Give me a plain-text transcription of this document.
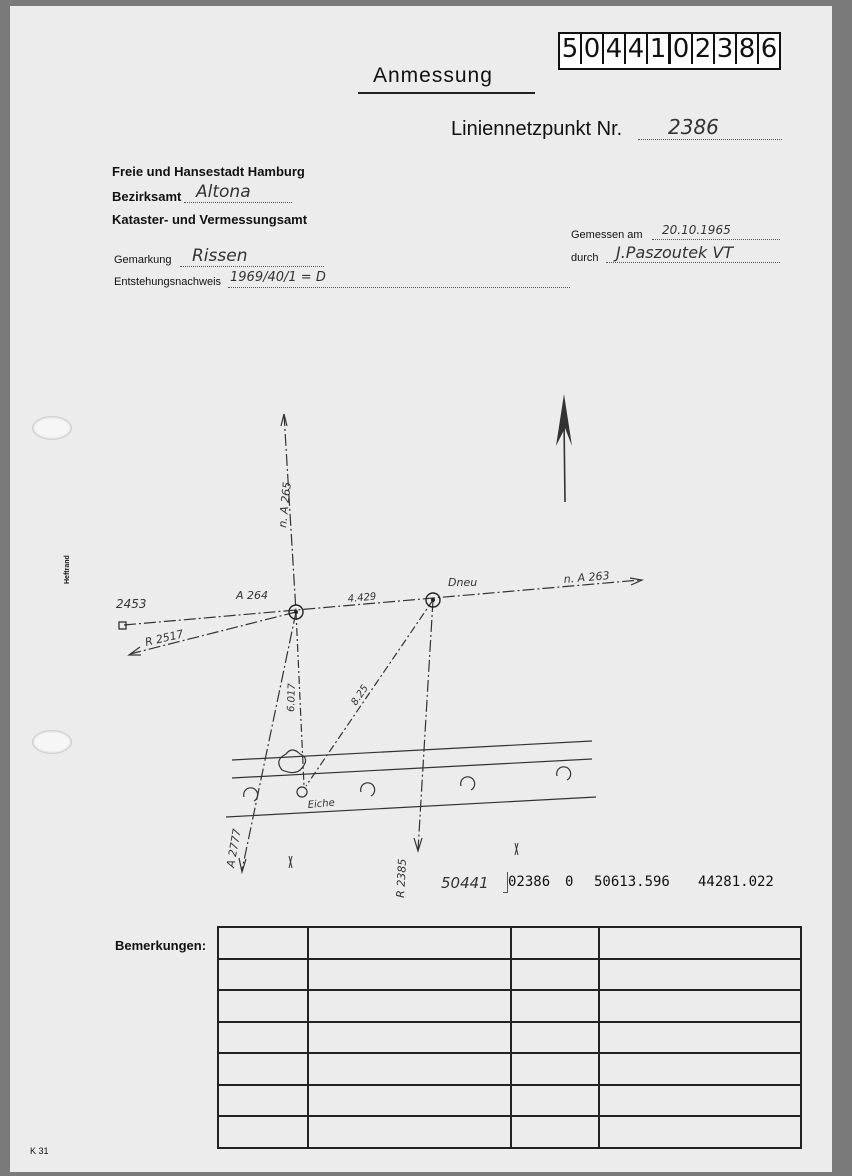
5 0 4 4 1 0 2 3 8 6
Anmessung
Liniennetzpunkt Nr. 2386
Freie und Hansestadt Hamburg
Bezirksamt Altona
Kataster- und Vermessungsamt
Gemarkung Rissen
Entstehungsnachweis 1969/40/1 = D
Gemessen am 20.10.1965
durch J.Paszoutek VT
Heftrand
n. A 265
A 264
2453
R 2517
4.429
Dneu	n. A 263
6.017	8.25
Eiche
A 2777
R 2385 50441 02386 0 50613.596 44281.022
Bemerkungen:

K 31
